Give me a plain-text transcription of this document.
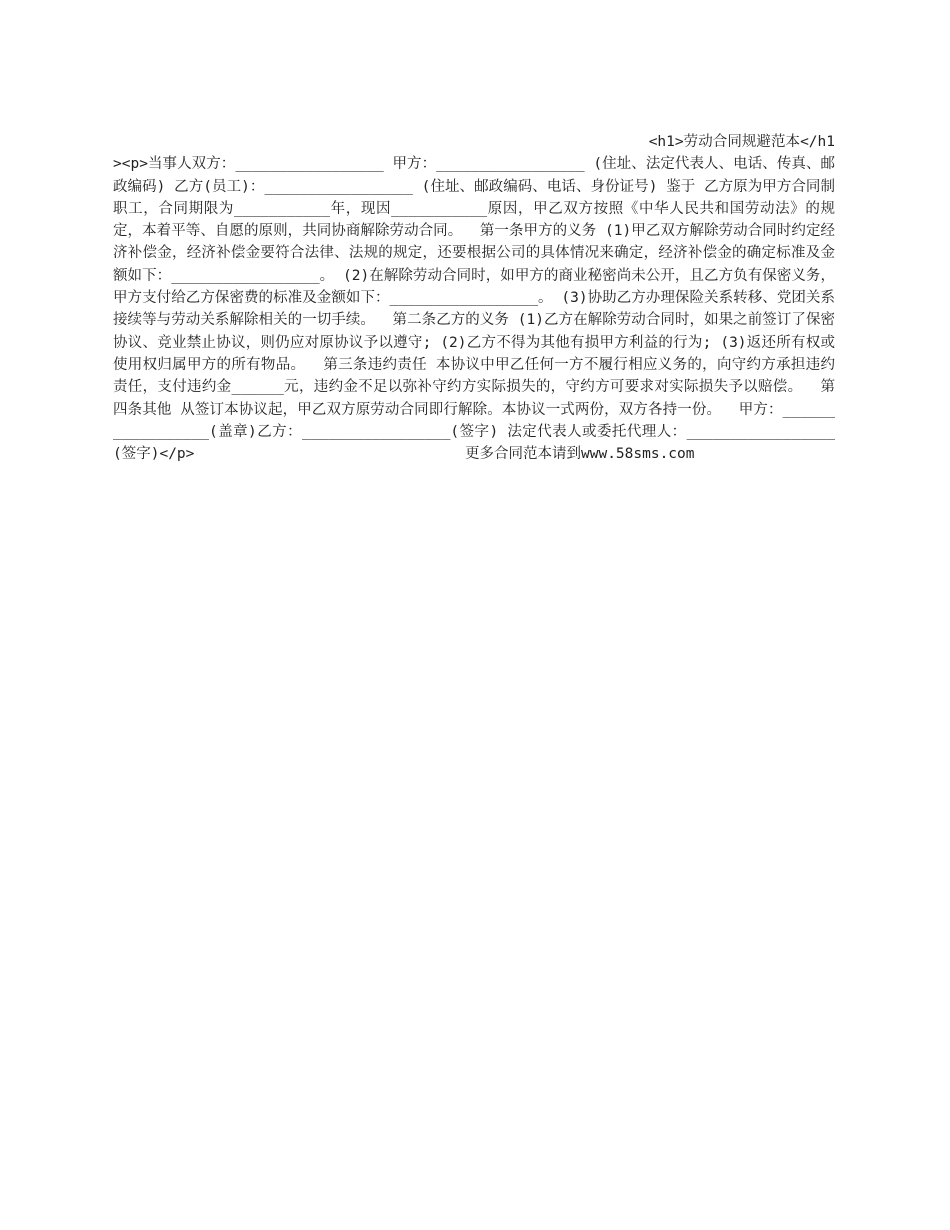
<h1>劳动合同规避范本</h1><p>当事人双方：_________________ 甲方：_________________ (住址、法定代表人、电话、传真、邮政编码) 乙方(员工)：_________________ (住址、邮政编码、电话、身份证号) 鉴于 乙方原为甲方合同制职工，合同期限为___________年，现因___________原因，甲乙双方按照《中华人民共和国劳动法》的规定，本着平等、自愿的原则，共同协商解除劳动合同。  第一条甲方的义务 (1)甲乙双方解除劳动合同时约定经济补偿金，经济补偿金要符合法律、法规的规定，还要根据公司的具体情况来确定，经济补偿金的确定标准及金额如下：_________________。 (2)在解除劳动合同时，如甲方的商业秘密尚未公开，且乙方负有保密义务，甲方支付给乙方保密费的标准及金额如下：_________________。 (3)协助乙方办理保险关系转移、党团关系接续等与劳动关系解除相关的一切手续。  第二条乙方的义务 (1)乙方在解除劳动合同时，如果之前签订了保密协议、竞业禁止协议，则仍应对原协议予以遵守; (2)乙方不得为其他有损甲方利益的行为; (3)返还所有权或使用权归属甲方的所有物品。  第三条违约责任 本协议中甲乙任何一方不履行相应义务的，向守约方承担违约责任，支付违约金______元，违约金不足以弥补守约方实际损失的，守约方可要求对实际损失予以赔偿。  第四条其他 从签订本协议起，甲乙双方原劳动合同即行解除。本协议一式两份，双方各持一份。  甲方：_________________(盖章)乙方：_________________(签字) 法定代表人或委托代理人：_________________(签字)</p>                               更多合同范本请到www.58sms.com
